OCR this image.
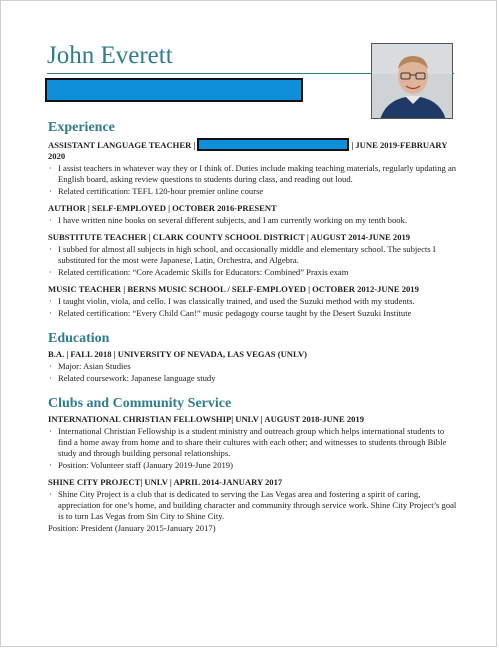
John Everett
Experience
ASSISTANT LANGUAGE TEACHER |	| JUNE 2019-FEBRUARY 2020
· I assist teachers in whatever way they or I think of. Duties include making teaching materials, regularly updating an English board, asking review questions to students during class, and reading out loud.
· Related certification: TEFL 120-hour premier online course
AUTHOR | SELF-EMPLOYED | OCTOBER 2016-PRESENT
· I have written nine books on several different subjects, and I am currently working on my tenth book.
SUBSTITUTE TEACHER | CLARK COUNTY SCHOOL DISTRICT | AUGUST 2014-JUNE 2019
· I subbed for almost all subjects in high school, and occasionally middle and elementary school. The subjects I substituted for the most were Japanese, Latin, Orchestra, and Algebra.
· Related certification: “Core Academic Skills for Educators: Combined” Praxis exam
MUSIC TEACHER | BERNS MUSIC SCHOOL / SELF-EMPLOYED | OCTOBER 2012-JUNE 2019
· I taught violin, viola, and cello. I was classically trained, and used the Suzuki method with my students.
· Related certification: “Every Child Can!” music pedagogy course taught by the Desert Suzuki Institute
Education
B.A. | FALL 2018 | UNIVERSITY OF NEVADA, LAS VEGAS (UNLV)
· Major: Asian Studies
· Related coursework: Japanese language study
Clubs and Community Service
INTERNATIONAL CHRISTIAN FELLOWSHIP| UNLV | AUGUST 2018-JUNE 2019
· International Christian Fellowship is a student ministry and outreach group which helps international students to find a home away from home and to share their cultures with each other; and witnesses to students through Bible study and through building personal relationships.
· Position: Volunteer staff (January 2019-June 2019)
SHINE CITY PROJECT| UNLV | APRIL 2014-JANUARY 2017
· Shine City Project is a club that is dedicated to serving the Las Vegas area and fostering a spirit of caring, appreciation for one’s home, and building character and community through service work. Shine City Project’s goal is to turn Las Vegas from Sin City to Shine City.
Position: President (January 2015-January 2017)
